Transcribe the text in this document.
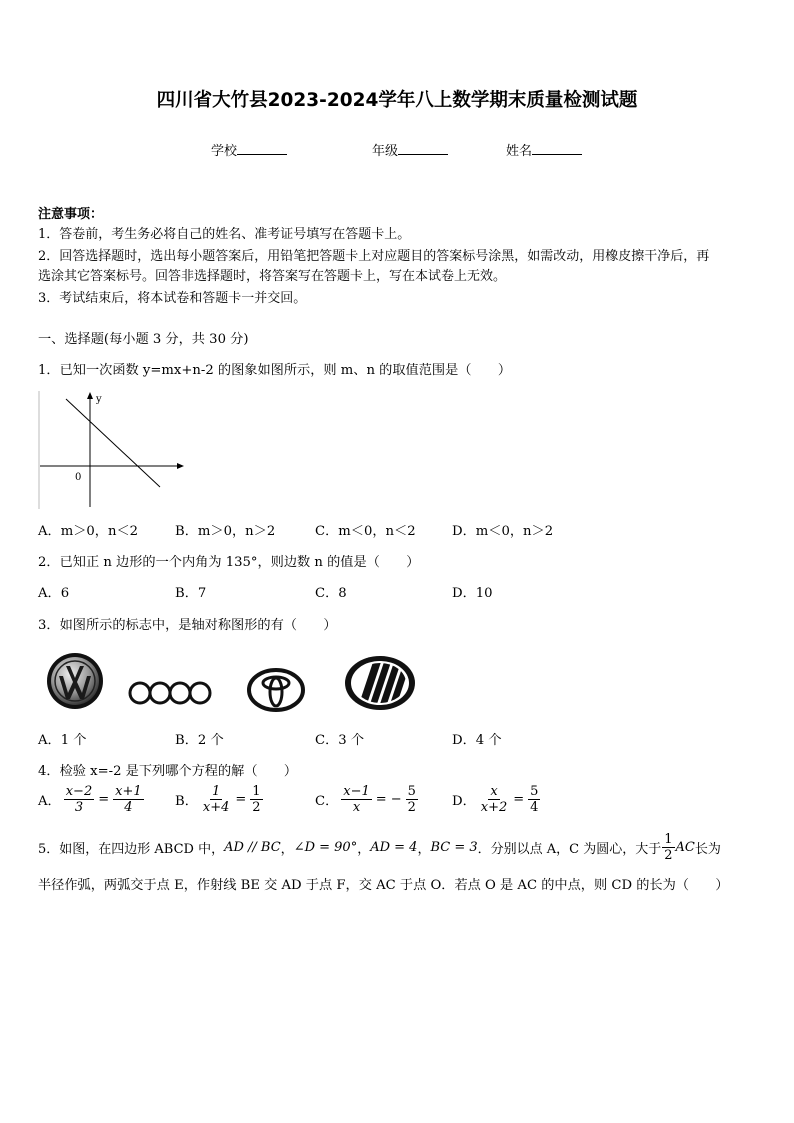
四川省大竹县2023-2024学年八上数学期末质量检测试题
学校	年级	姓名
注意事项：
1．答卷前，考生务必将自己的姓名、准考证号填写在答题卡上。
2．回答选择题时，选出每小题答案后，用铅笔把答题卡上对应题目的答案标号涂黑，如需改动，用橡皮擦干净后，再
选涂其它答案标号。回答非选择题时，将答案写在答题卡上，写在本试卷上无效。
3．考试结束后，将本试卷和答题卡一并交回。
一、选择题(每小题 3 分，共 30 分)
1．已知一次函数 y=mx+n-2 的图象如图所示，则 m、n 的取值范围是（　　）
y
0
A．m＞0，n＜2	B．m＞0，n＞2	C．m＜0，n＜2	D．m＜0，n＞2
2．已知正 n 边形的一个内角为 135°，则边数 n 的值是（　　）
A．6	B．7	C．8	D．10
3．如图所示的标志中，是轴对称图形的有（　　）
A．1 个	B．2 个	C．3 个	D．4 个
4．检验 x=-2 是下列哪个方程的解（　　）
A． $\frac{x-2}{3} = \frac{x+1}{4}$ B． $\frac{1}{x+4} = \frac{1}{2}$	C． $\frac{x-1}{x}$ = − $\frac{5}{2}$	D． $\frac{x}{x+2} = \frac{5}{4}$
5．如图，在四边形 ABCD 中， AD // BC ， ∠D = 90° ， AD = 4 ， BC = 3 ．分别以点 A，C 为圆心，大于 $\frac{1}{2}$ AC 长为
半径作弧，两弧交于点 E，作射线 BE 交 AD 于点 F，交 AC 于点 O．若点 O 是 AC 的中点，则 CD 的长为（　　）
